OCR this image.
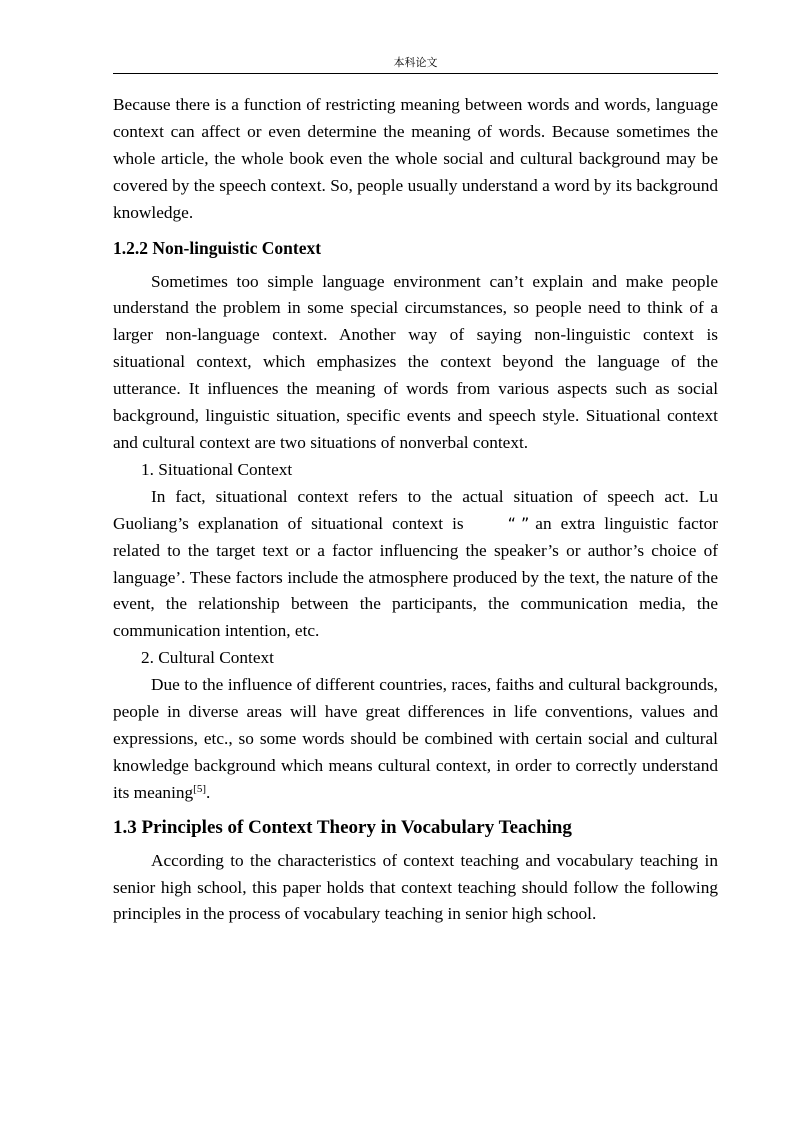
本科论文

Because there is a function of restricting meaning between words and words, language context can affect or even determine the meaning of words. Because sometimes the whole article, the whole book even the whole social and cultural background may be covered by the speech context. So, people usually understand a word by its background knowledge.

1.2.2 Non-linguistic Context

Sometimes too simple language environment can’t explain and make people understand the problem in some special circumstances, so people need to think of a larger non-language context. Another way of saying non-linguistic context is situational context, which emphasizes the context beyond the language of the utterance. It influences the meaning of words from various aspects such as social background, linguistic situation, specific events and speech style. Situational context and cultural context are two situations of nonverbal context.

1. Situational Context

In fact, situational context refers to the actual situation of speech act. Lu Guoliang’s explanation of situational context is	“ ” an extra linguistic factor related to the target text or a factor influencing the speaker’s or author’s choice of language’. These factors include the atmosphere produced by the text, the nature of the event, the relationship between the participants, the communication media, the communication intention, etc.

2. Cultural Context

Due to the influence of different countries, races, faiths and cultural backgrounds, people in diverse areas will have great differences in life conventions, values and expressions, etc., so some words should be combined with certain social and cultural knowledge background which means cultural context, in order to correctly understand its meaning[5].

1.3 Principles of Context Theory in Vocabulary Teaching

According to the characteristics of context teaching and vocabulary teaching in senior high school, this paper holds that context teaching should follow the following principles in the process of vocabulary teaching in senior high school.
